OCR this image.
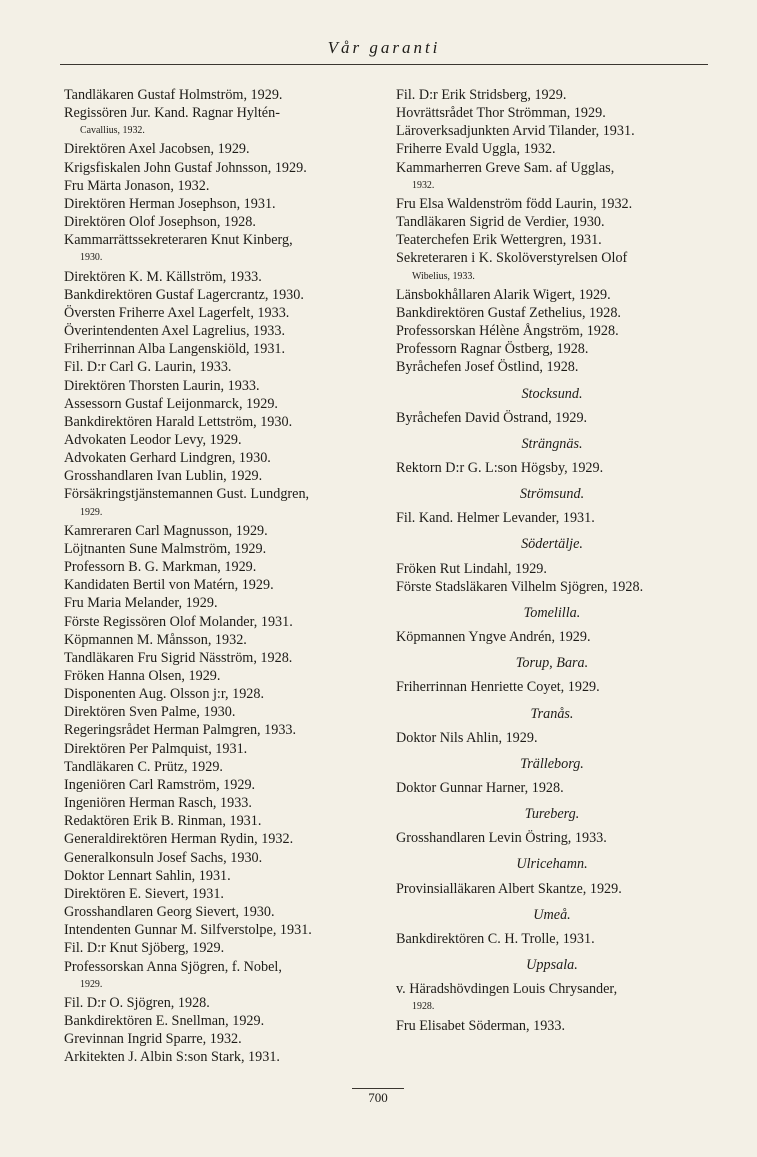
Vår garanti

Tandläkaren Gustaf Holmström, 1929.

Regissören Jur. Kand. Ragnar Hyltén-

Cavallius, 1932.

Direktören Axel Jacobsen, 1929.

Krigsfiskalen John Gustaf Johnsson, 1929.

Fru Märta Jonason, 1932.

Direktören Herman Josephson, 1931.

Direktören Olof Josephson, 1928.

Kammarrättssekreteraren Knut Kinberg,

1930.

Direktören K. M. Källström, 1933.

Bankdirektören Gustaf Lagercrantz, 1930.

Översten Friherre Axel Lagerfelt, 1933.

Överintendenten Axel Lagrelius, 1933.

Friherrinnan Alba Langenskiöld, 1931.

Fil. D:r Carl G. Laurin, 1933.

Direktören Thorsten Laurin, 1933.

Assessorn Gustaf Leijonmarck, 1929.

Bankdirektören Harald Lettström, 1930.

Advokaten Leodor Levy, 1929.

Advokaten Gerhard Lindgren, 1930.

Grosshandlaren Ivan Lublin, 1929.

Försäkringstjänstemannen Gust. Lundgren,

1929.

Kamreraren Carl Magnusson, 1929.

Löjtnanten Sune Malmström, 1929.

Professorn B. G. Markman, 1929.

Kandidaten Bertil von Matérn, 1929.

Fru Maria Melander, 1929.

Förste Regissören Olof Molander, 1931.

Köpmannen M. Månsson, 1932.

Tandläkaren Fru Sigrid Näsström, 1928.

Fröken Hanna Olsen, 1929.

Disponenten Aug. Olsson j:r, 1928.

Direktören Sven Palme, 1930.

Regeringsrådet Herman Palmgren, 1933.

Direktören Per Palmquist, 1931.

Tandläkaren C. Prütz, 1929.

Ingeniören Carl Ramström, 1929.

Ingeniören Herman Rasch, 1933.

Redaktören Erik B. Rinman, 1931.

Generaldirektören Herman Rydin, 1932.

Generalkonsuln Josef Sachs, 1930.

Doktor Lennart Sahlin, 1931.

Direktören E. Sievert, 1931.

Grosshandlaren Georg Sievert, 1930.

Intendenten Gunnar M. Silfverstolpe, 1931.

Fil. D:r Knut Sjöberg, 1929.

Professorskan Anna Sjögren, f. Nobel,

1929.

Fil. D:r O. Sjögren, 1928.

Bankdirektören E. Snellman, 1929.

Grevinnan Ingrid Sparre, 1932.

Arkitekten J. Albin S:son Stark, 1931.

Fil. D:r Erik Stridsberg, 1929.

Hovrättsrådet Thor Strömman, 1929.

Läroverksadjunkten Arvid Tilander, 1931.

Friherre Evald Uggla, 1932.

Kammarherren Greve Sam. af Ugglas,

1932.

Fru Elsa Waldenström född Laurin, 1932.

Tandläkaren Sigrid de Verdier, 1930.

Teaterchefen Erik Wettergren, 1931.

Sekreteraren i K. Skolöverstyrelsen Olof

Wibelius, 1933.

Länsbokhållaren Alarik Wigert, 1929.

Bankdirektören Gustaf Zethelius, 1928.

Professorskan Hélène Ångström, 1928.

Professorn Ragnar Östberg, 1928.

Byråchefen Josef Östlind, 1928.

Stocksund.

Byråchefen David Östrand, 1929.

Strängnäs.

Rektorn D:r G. L:son Högsby, 1929.

Strömsund.

Fil. Kand. Helmer Levander, 1931.

Södertälje.

Fröken Rut Lindahl, 1929.

Förste Stadsläkaren Vilhelm Sjögren, 1928.

Tomelilla.

Köpmannen Yngve Andrén, 1929.

Torup, Bara.

Friherrinnan Henriette Coyet, 1929.

Tranås.

Doktor Nils Ahlin, 1929.

Trälleborg.

Doktor Gunnar Harner, 1928.

Tureberg.

Grosshandlaren Levin Östring, 1933.

Ulricehamn.

Provinsialläkaren Albert Skantze, 1929.

Umeå.

Bankdirektören C. H. Trolle, 1931.

Uppsala.

v. Häradshövdingen Louis Chrysander,

1928.

Fru Elisabet Söderman, 1933.

700
